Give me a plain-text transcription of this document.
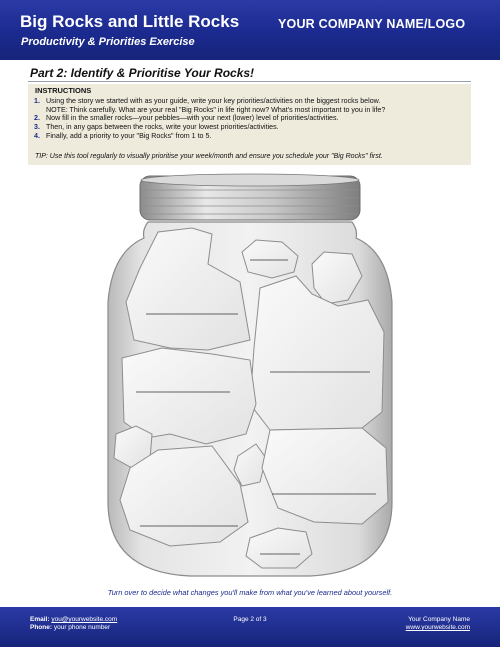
Big Rocks and Little Rocks
Productivity & Priorities Exercise
YOUR COMPANY NAME/LOGO
Part 2: Identify & Prioritise Your Rocks!
INSTRUCTIONS
1. Using the story we started with as your guide, write your key priorities/activities on the biggest rocks below.
NOTE: Think carefully. What are your real "Big Rocks" in life right now? What's most important to you in life?
2. Now fill in the smaller rocks—your pebbles—with your next (lower) level of priorities/activities.
3. Then, in any gaps between the rocks, write your lowest priorities/activities.
4. Finally, add a priority to your "Big Rocks" from 1 to 5.
TIP: Use this tool regularly to visually prioritise your week/month and ensure you schedule your "Big Rocks" first.
Turn over to decide what changes you'll make from what you've learned about yourself.
Email: you@yourwebsite.com
Phone: your phone number
Page 2 of 3	Your Company Name
www.yourwebsite.com
